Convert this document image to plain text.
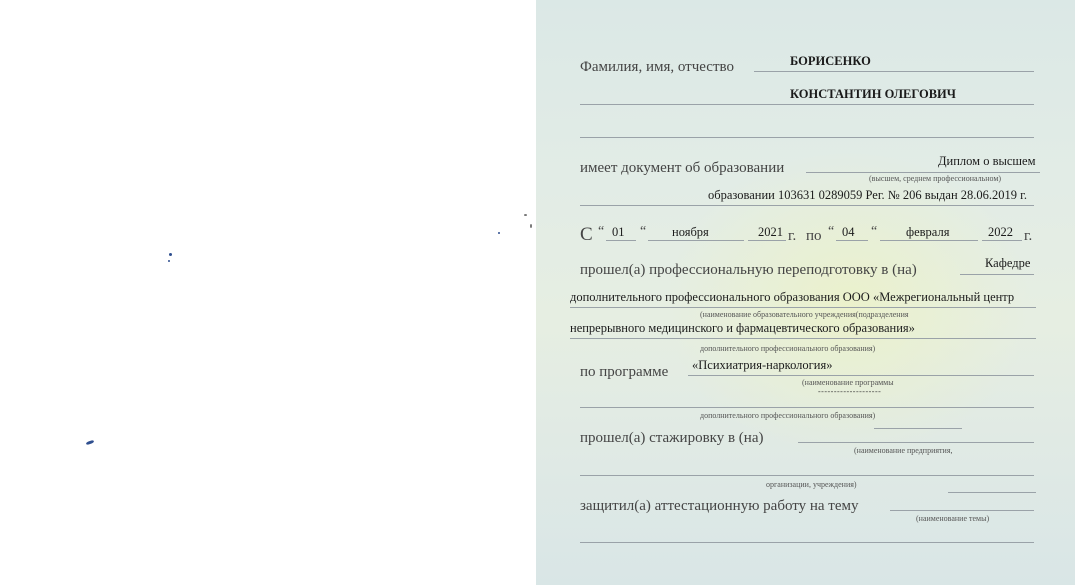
Фамилия, имя, отчество	БОРИСЕНКО
КОНСТАНТИН ОЛЕГОВИЧ
имеет документ об образовании	Диплом о высшем
(высшем, среднем профессиональном)
образовании 103631 0289059 Рег. № 206 выдан 28.06.2019 г.
С “ 01 “ ноября	2021 г. по “ 04 “ февраля	2022 г.
прошел(а) профессиональную переподготовку в (на)	Кафедре
дополнительного профессионального образования ООО «Межрегиональный центр
(наименование образовательного учреждения(подразделения
непрерывного медицинского и фармацевтического образования»
дополнительного профессионального образования)
по программе «Психиатрия-наркология»
(наименование программы
--------------------
дополнительного профессионального образования)
прошел(а) стажировку в (на)
(наименование предприятия,
организации, учреждения)
защитил(а) аттестационную работу на тему
(наименование темы)
